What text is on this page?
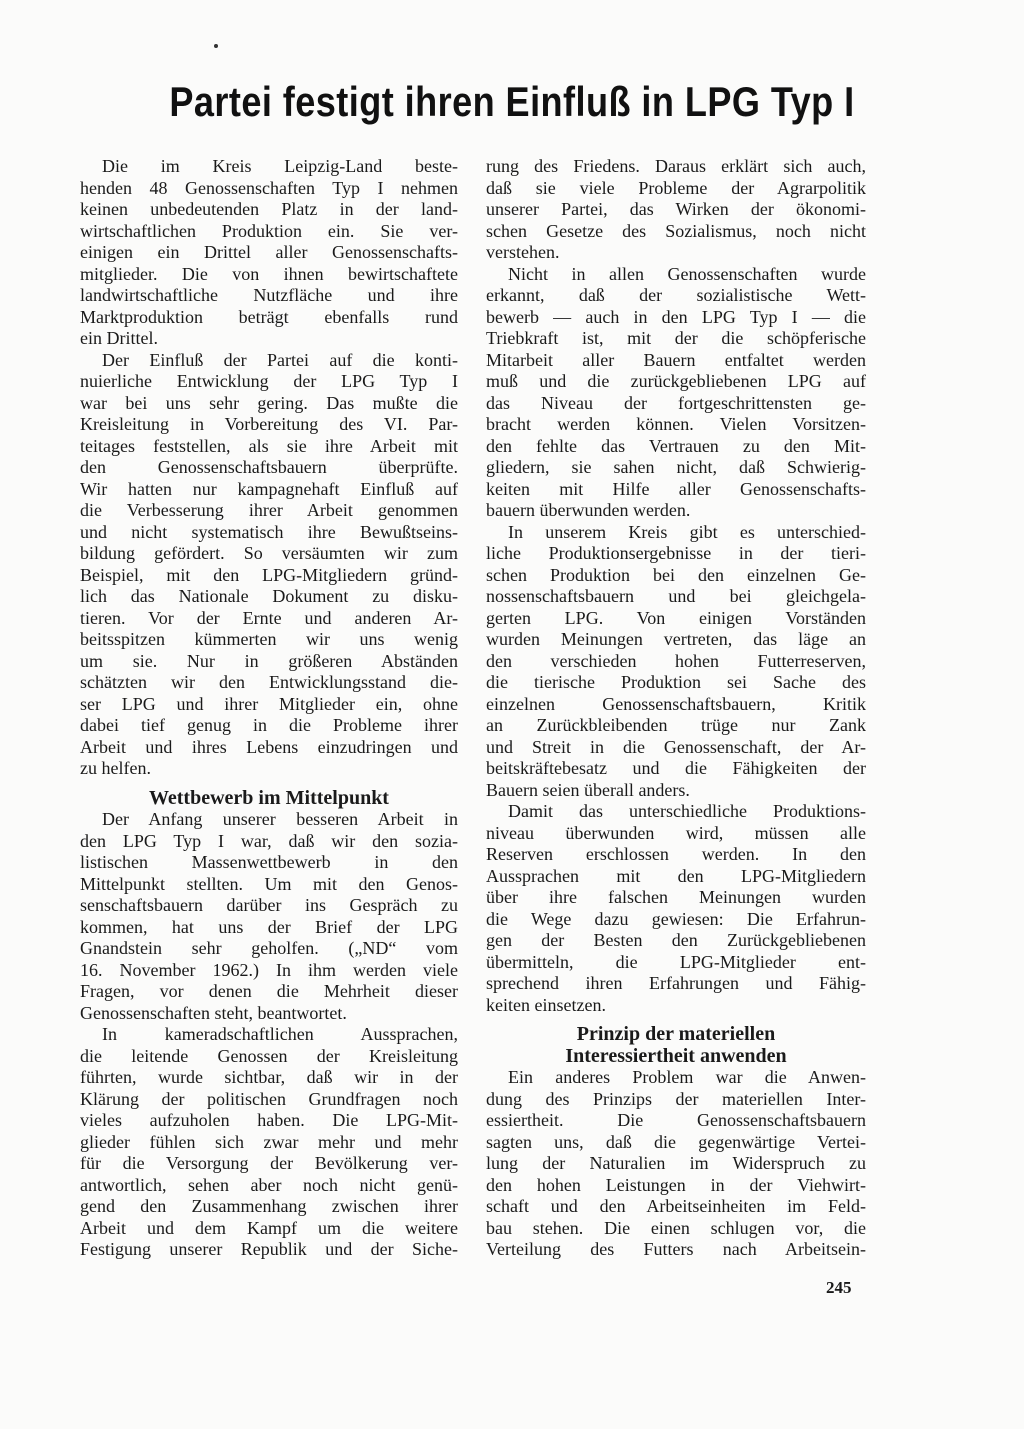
Partei festigt ihren Einfluß in LPG Typ I
Die im Kreis Leipzig-Land beste-
henden 48 Genossenschaften Typ I nehmen
keinen unbedeutenden Platz in der land-
wirtschaftlichen Produktion ein. Sie ver-
einigen ein Drittel aller Genossenschafts-
mitglieder. Die von ihnen bewirtschaftete
landwirtschaftliche Nutzfläche und ihre
Marktproduktion beträgt ebenfalls rund
ein Drittel.
Der Einfluß der Partei auf die konti-
nuierliche Entwicklung der LPG Typ I
war bei uns sehr gering. Das mußte die
Kreisleitung in Vorbereitung des VI. Par-
teitages feststellen, als sie ihre Arbeit mit
den Genossenschaftsbauern überprüfte.
Wir hatten nur kampagnehaft Einfluß auf
die Verbesserung ihrer Arbeit genommen
und nicht systematisch ihre Bewußtseins-
bildung gefördert. So versäumten wir zum
Beispiel, mit den LPG-Mitgliedern gründ-
lich das Nationale Dokument zu disku-
tieren. Vor der Ernte und anderen Ar-
beitsspitzen kümmerten wir uns wenig
um sie. Nur in größeren Abständen
schätzten wir den Entwicklungsstand die-
ser LPG und ihrer Mitglieder ein, ohne
dabei tief genug in die Probleme ihrer
Arbeit und ihres Lebens einzudringen und
zu helfen.
Wettbewerb im Mittelpunkt
Der Anfang unserer besseren Arbeit in
den LPG Typ I war, daß wir den sozia-
listischen Massenwettbewerb in den
Mittelpunkt stellten. Um mit den Genos-
senschaftsbauern darüber ins Gespräch zu
kommen, hat uns der Brief der LPG
Gnandstein sehr geholfen. („ND“ vom
16. November 1962.) In ihm werden viele
Fragen, vor denen die Mehrheit dieser
Genossenschaften steht, beantwortet.
In kameradschaftlichen Aussprachen,
die leitende Genossen der Kreisleitung
führten, wurde sichtbar, daß wir in der
Klärung der politischen Grundfragen noch
vieles aufzuholen haben. Die LPG-Mit-
glieder fühlen sich zwar mehr und mehr
für die Versorgung der Bevölkerung ver-
antwortlich, sehen aber noch nicht genü-
gend den Zusammenhang zwischen ihrer
Arbeit und dem Kampf um die weitere
Festigung unserer Republik und der Siche-
rung des Friedens. Daraus erklärt sich auch,
daß sie viele Probleme der Agrarpolitik
unserer Partei, das Wirken der ökonomi-
schen Gesetze des Sozialismus, noch nicht
verstehen.
Nicht in allen Genossenschaften wurde
erkannt, daß der sozialistische Wett-
bewerb — auch in den LPG Typ I — die
Triebkraft ist, mit der die schöpferische
Mitarbeit aller Bauern entfaltet werden
muß und die zurückgebliebenen LPG auf
das Niveau der fortgeschrittensten ge-
bracht werden können. Vielen Vorsitzen-
den fehlte das Vertrauen zu den Mit-
gliedern, sie sahen nicht, daß Schwierig-
keiten mit Hilfe aller Genossenschafts-
bauern überwunden werden.
In unserem Kreis gibt es unterschied-
liche Produktionsergebnisse in der tieri-
schen Produktion bei den einzelnen Ge-
nossenschaftsbauern und bei gleichgela-
gerten LPG. Von einigen Vorständen
wurden Meinungen vertreten, das läge an
den verschieden hohen Futterreserven,
die tierische Produktion sei Sache des
einzelnen Genossenschaftsbauern, Kritik
an Zurückbleibenden trüge nur Zank
und Streit in die Genossenschaft, der Ar-
beitskräftebesatz und die Fähigkeiten der
Bauern seien überall anders.
Damit das unterschiedliche Produktions-
niveau überwunden wird, müssen alle
Reserven erschlossen werden. In den
Aussprachen mit den LPG-Mitgliedern
über ihre falschen Meinungen wurden
die Wege dazu gewiesen: Die Erfahrun-
gen der Besten den Zurückgebliebenen
übermitteln, die LPG-Mitglieder ent-
sprechend ihren Erfahrungen und Fähig-
keiten einsetzen.
Prinzip der materiellen
Interessiertheit anwenden
Ein anderes Problem war die Anwen-
dung des Prinzips der materiellen Inter-
essiertheit. Die Genossenschaftsbauern
sagten uns, daß die gegenwärtige Vertei-
lung der Naturalien im Widerspruch zu
den hohen Leistungen in der Viehwirt-
schaft und den Arbeitseinheiten im Feld-
bau stehen. Die einen schlugen vor, die
Verteilung des Futters nach Arbeitsein-
245
